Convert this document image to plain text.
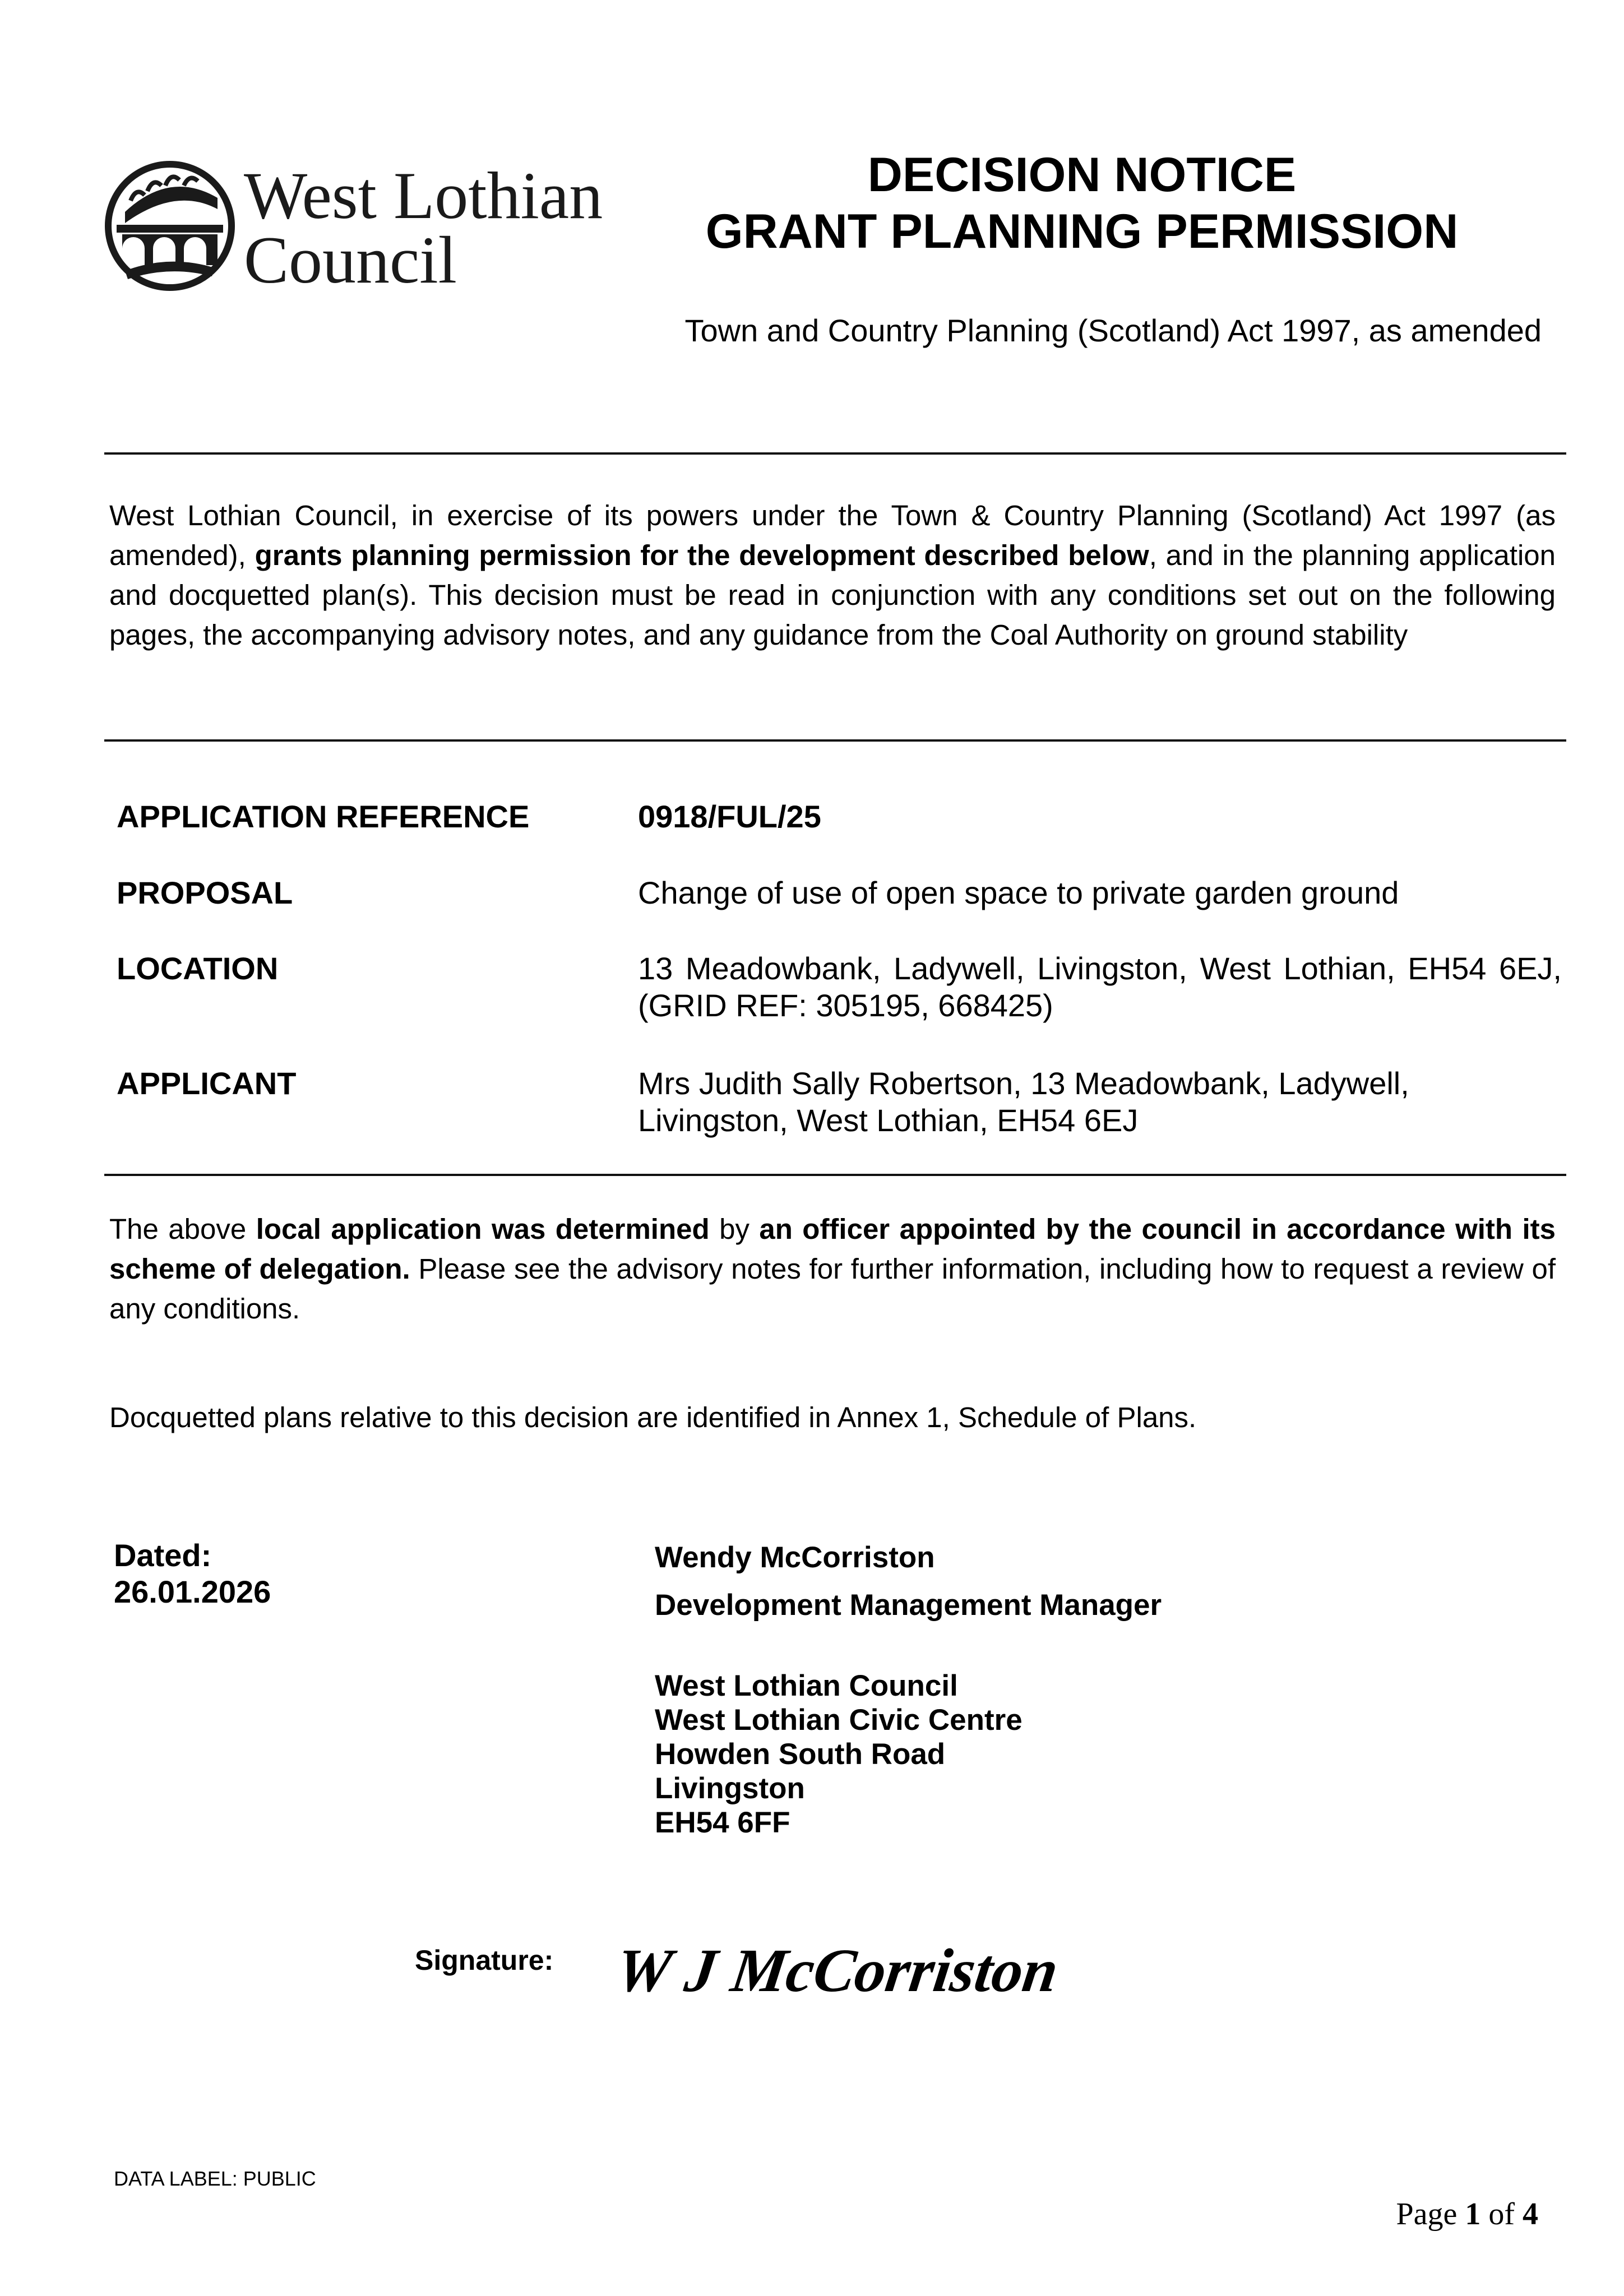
West Lothian
Council
DECISION NOTICE
GRANT PLANNING PERMISSION
Town and Country Planning (Scotland) Act 1997, as amended
West Lothian Council, in exercise of its powers under the Town & Country Planning (Scotland) Act 1997 (as amended), grants planning permission for the development described below, and in the planning application and docquetted plan(s). This decision must be read in conjunction with any conditions set out on the following pages, the accompanying advisory notes, and any guidance from the Coal Authority on ground stability
APPLICATION REFERENCE	0918/FUL/25
PROPOSAL	Change of use of open space to private garden ground
LOCATION	13 Meadowbank, Ladywell, Livingston, West Lothian, EH54 6EJ, (GRID REF: 305195, 668425)
APPLICANT	Mrs Judith Sally Robertson, 13 Meadowbank, Ladywell,
Livingston, West Lothian, EH54 6EJ
The above local application was determined by an officer appointed by the council in accordance with its scheme of delegation. Please see the advisory notes for further information, including how to request a review of any conditions.
Docquetted plans relative to this decision are identified in Annex 1, Schedule of Plans.
Dated:
26.01.2026
Wendy McCorriston
Development Management Manager
West Lothian Council
West Lothian Civic Centre
Howden South Road
Livingston
EH54 6FF
Signature: W J McCorriston
DATA LABEL: PUBLIC
Page 1 of 4
